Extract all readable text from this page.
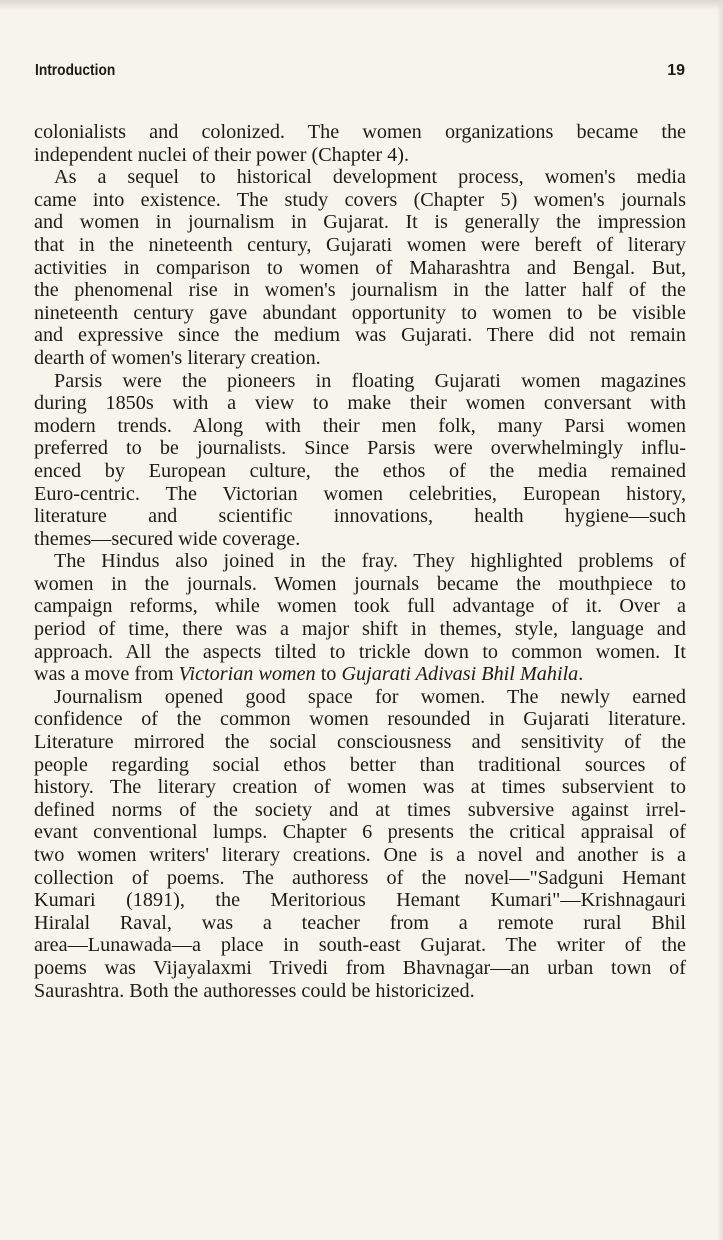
Introduction	19
colonialists and colonized. The women organizations became the
independent nuclei of their power (Chapter 4).
As a sequel to historical development process, women's media
came into existence. The study covers (Chapter 5) women's journals
and women in journalism in Gujarat. It is generally the impression
that in the nineteenth century, Gujarati women were bereft of literary
activities in comparison to women of Maharashtra and Bengal. But,
the phenomenal rise in women's journalism in the latter half of the
nineteenth century gave abundant opportunity to women to be visible
and expressive since the medium was Gujarati. There did not remain
dearth of women's literary creation.
Parsis were the pioneers in floating Gujarati women magazines
during 1850s with a view to make their women conversant with
modern trends. Along with their men folk, many Parsi women
preferred to be journalists. Since Parsis were overwhelmingly influ-
enced by European culture, the ethos of the media remained
Euro-centric. The Victorian women celebrities, European history,
literature and scientific innovations, health hygiene—such
themes—secured wide coverage.
The Hindus also joined in the fray. They highlighted problems of
women in the journals. Women journals became the mouthpiece to
campaign reforms, while women took full advantage of it. Over a
period of time, there was a major shift in themes, style, language and
approach. All the aspects tilted to trickle down to common women. It
was a move from Victorian women to Gujarati Adivasi Bhil Mahila.
Journalism opened good space for women. The newly earned
confidence of the common women resounded in Gujarati literature.
Literature mirrored the social consciousness and sensitivity of the
people regarding social ethos better than traditional sources of
history. The literary creation of women was at times subservient to
defined norms of the society and at times subversive against irrel-
evant conventional lumps. Chapter 6 presents the critical appraisal of
two women writers' literary creations. One is a novel and another is a
collection of poems. The authoress of the novel—"Sadguni Hemant
Kumari (1891), the Meritorious Hemant Kumari"—Krishnagauri
Hiralal Raval, was a teacher from a remote rural Bhil
area—Lunawada—a place in south-east Gujarat. The writer of the
poems was Vijayalaxmi Trivedi from Bhavnagar—an urban town of
Saurashtra. Both the authoresses could be historicized.
